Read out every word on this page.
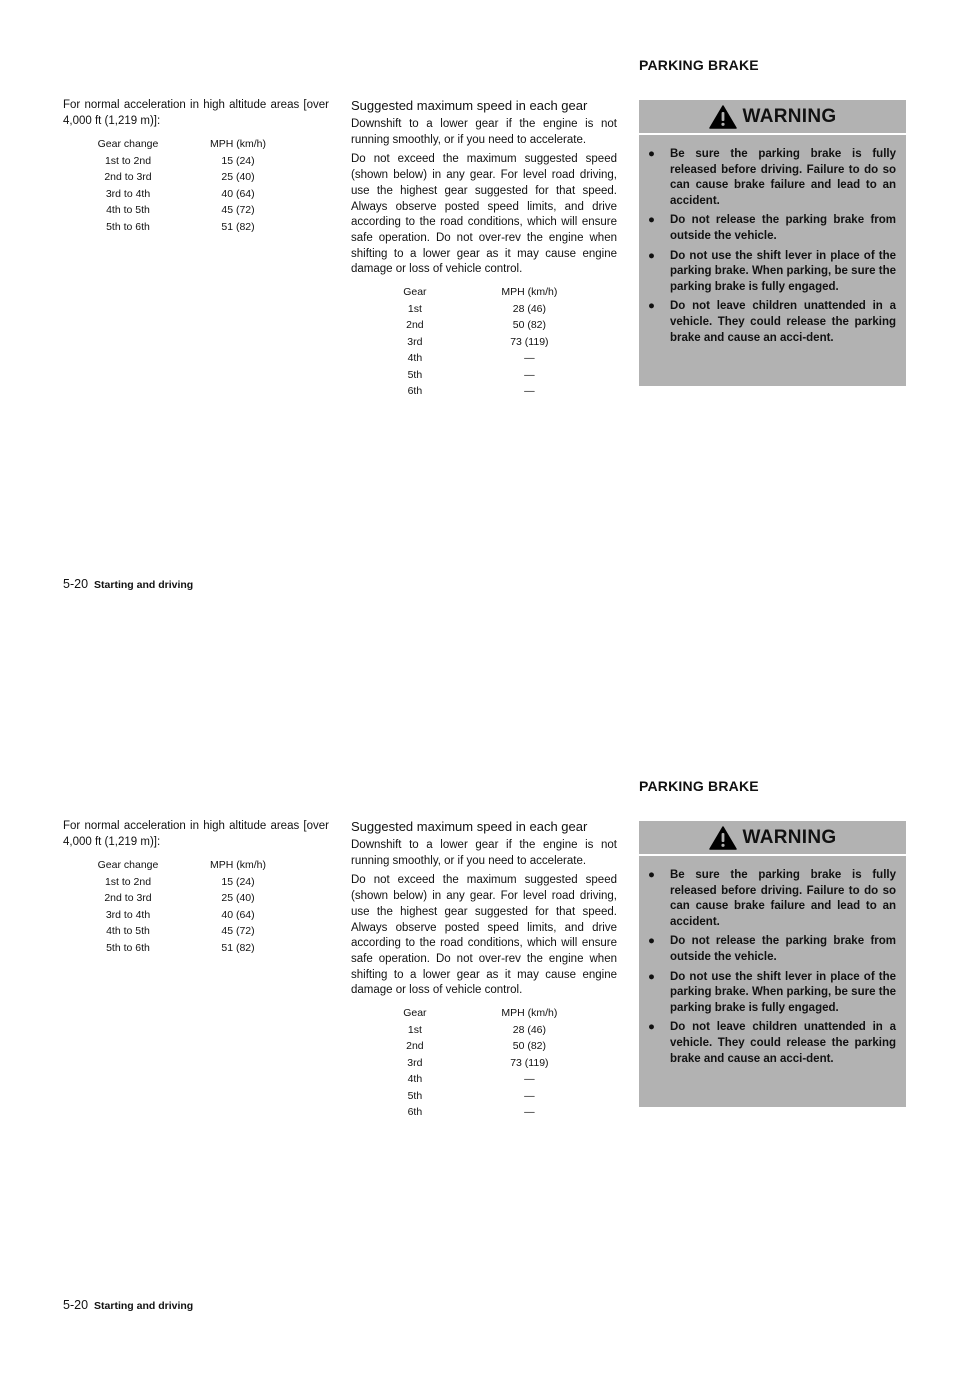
For normal acceleration in high altitude areas [over 4,000 ft (1,219 m)]:

Gear change	MPH (km/h)
1st to 2nd	15 (24)
2nd to 3rd	25 (40)
3rd to 4th	40 (64)
4th to 5th	45 (72)
5th to 6th	51 (82)

Suggested maximum speed in each gear

Downshift to a lower gear if the engine is not running smoothly, or if you need to accelerate.

Do not exceed the maximum suggested speed (shown below) in any gear. For level road driving, use the highest gear suggested for that speed. Always observe posted speed limits, and drive according to the road conditions, which will ensure safe operation. Do not over-rev the engine when shifting to a lower gear as it may cause engine damage or loss of vehicle control.

Gear	MPH (km/h)
1st	28 (46)
2nd	50 (82)
3rd	73 (119)
4th	—
5th	—
6th	—
PARKING BRAKE
WARNING
● Be sure the parking brake is fully released before driving. Failure to do so can cause brake failure and lead to an accident.
● Do not release the parking brake from outside the vehicle.
● Do not use the shift lever in place of the parking brake. When parking, be sure the parking brake is fully engaged.
● Do not leave children unattended in a vehicle. They could release the parking brake and cause an acci-dent.
5-20 Starting and driving

For normal acceleration in high altitude areas [over 4,000 ft (1,219 m)]:

Gear change	MPH (km/h)
1st to 2nd	15 (24)
2nd to 3rd	25 (40)
3rd to 4th	40 (64)
4th to 5th	45 (72)
5th to 6th	51 (82)

Suggested maximum speed in each gear

Downshift to a lower gear if the engine is not running smoothly, or if you need to accelerate.

Do not exceed the maximum suggested speed (shown below) in any gear. For level road driving, use the highest gear suggested for that speed. Always observe posted speed limits, and drive according to the road conditions, which will ensure safe operation. Do not over-rev the engine when shifting to a lower gear as it may cause engine damage or loss of vehicle control.

Gear	MPH (km/h)
1st	28 (46)
2nd	50 (82)
3rd	73 (119)
4th	—
5th	—
6th	—
PARKING BRAKE
WARNING
● Be sure the parking brake is fully released before driving. Failure to do so can cause brake failure and lead to an accident.
● Do not release the parking brake from outside the vehicle.
● Do not use the shift lever in place of the parking brake. When parking, be sure the parking brake is fully engaged.
● Do not leave children unattended in a vehicle. They could release the parking brake and cause an acci-dent.
5-20 Starting and driving
